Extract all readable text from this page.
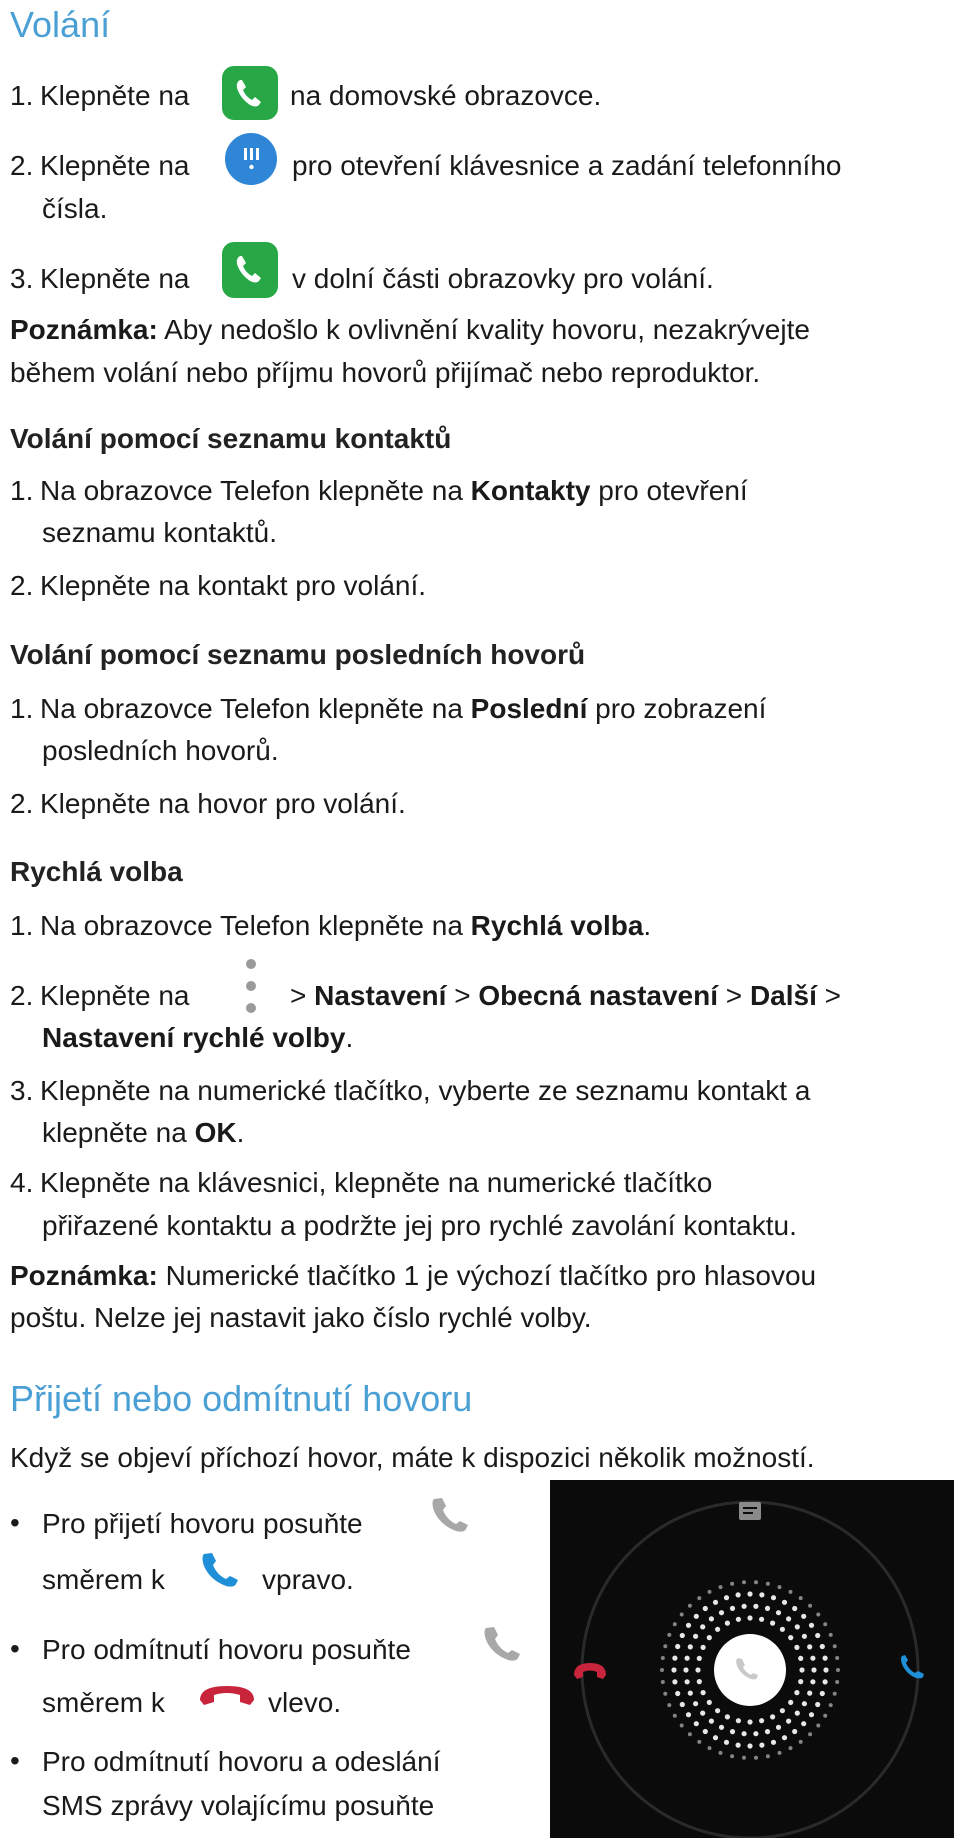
Volání
1. Klepněte na	na domovské obrazovce.
2. Klepněte na	pro otevření klávesnice a zadání telefonního
čísla.
3. Klepněte na	v dolní části obrazovky pro volání.
Poznámka: Aby nedošlo k ovlivnění kvality hovoru, nezakrývejte
během volání nebo příjmu hovorů přijímač nebo reproduktor.
Volání pomocí seznamu kontaktů
1. Na obrazovce Telefon klepněte na Kontakty pro otevření
seznamu kontaktů.
2. Klepněte na kontakt pro volání.
Volání pomocí seznamu posledních hovorů
1. Na obrazovce Telefon klepněte na Poslední pro zobrazení
posledních hovorů.
2. Klepněte na hovor pro volání.
Rychlá volba
1. Na obrazovce Telefon klepněte na Rychlá volba.
2. Klepněte na	> Nastavení > Obecná nastavení > Další >
Nastavení rychlé volby.
3. Klepněte na numerické tlačítko, vyberte ze seznamu kontakt a
klepněte na OK.
4. Klepněte na klávesnici, klepněte na numerické tlačítko
přiřazené kontaktu a podržte jej pro rychlé zavolání kontaktu.
Poznámka: Numerické tlačítko 1 je výchozí tlačítko pro hlasovou
poštu. Nelze jej nastavit jako číslo rychlé volby.
Přijetí nebo odmítnutí hovoru
Když se objeví příchozí hovor, máte k dispozici několik možností.
• Pro přijetí hovoru posuňte
směrem k	vpravo.
• Pro odmítnutí hovoru posuňte
směrem k	vlevo.
• Pro odmítnutí hovoru a odeslání
SMS zprávy volajícímu posuňte
